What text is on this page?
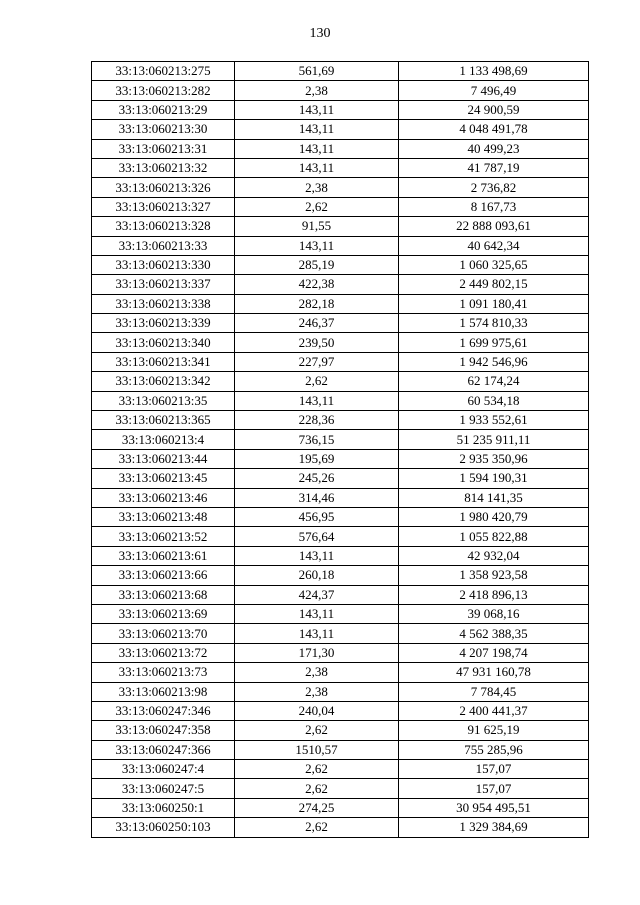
130
33:13:060213:275	561,69	1 133 498,69
33:13:060213:282	2,38	7 496,49
33:13:060213:29	143,11	24 900,59
33:13:060213:30	143,11	4 048 491,78
33:13:060213:31	143,11	40 499,23
33:13:060213:32	143,11	41 787,19
33:13:060213:326	2,38	2 736,82
33:13:060213:327	2,62	8 167,73
33:13:060213:328	91,55	22 888 093,61
33:13:060213:33	143,11	40 642,34
33:13:060213:330	285,19	1 060 325,65
33:13:060213:337	422,38	2 449 802,15
33:13:060213:338	282,18	1 091 180,41
33:13:060213:339	246,37	1 574 810,33
33:13:060213:340	239,50	1 699 975,61
33:13:060213:341	227,97	1 942 546,96
33:13:060213:342	2,62	62 174,24
33:13:060213:35	143,11	60 534,18
33:13:060213:365	228,36	1 933 552,61
33:13:060213:4	736,15	51 235 911,11
33:13:060213:44	195,69	2 935 350,96
33:13:060213:45	245,26	1 594 190,31
33:13:060213:46	314,46	814 141,35
33:13:060213:48	456,95	1 980 420,79
33:13:060213:52	576,64	1 055 822,88
33:13:060213:61	143,11	42 932,04
33:13:060213:66	260,18	1 358 923,58
33:13:060213:68	424,37	2 418 896,13
33:13:060213:69	143,11	39 068,16
33:13:060213:70	143,11	4 562 388,35
33:13:060213:72	171,30	4 207 198,74
33:13:060213:73	2,38	47 931 160,78
33:13:060213:98	2,38	7 784,45
33:13:060247:346	240,04	2 400 441,37
33:13:060247:358	2,62	91 625,19
33:13:060247:366	1510,57	755 285,96
33:13:060247:4	2,62	157,07
33:13:060247:5	2,62	157,07
33:13:060250:1	274,25	30 954 495,51
33:13:060250:103	2,62	1 329 384,69
